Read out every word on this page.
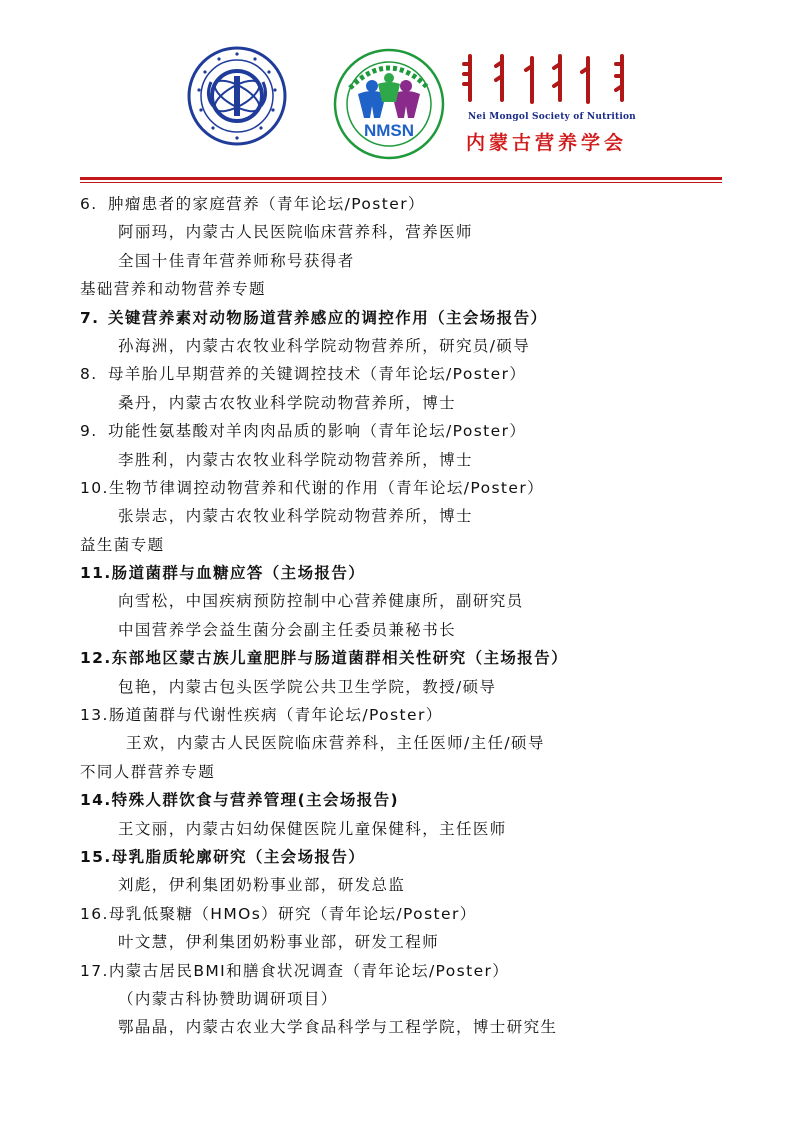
NMSN
Nei Mongol Society of Nutrition
内蒙古营养学会
6. 肿瘤患者的家庭营养（青年论坛/Poster）
阿丽玛，内蒙古人民医院临床营养科，营养医师
全国十佳青年营养师称号获得者
基础营养和动物营养专题
7. 关键营养素对动物肠道营养感应的调控作用（主会场报告）
孙海洲，内蒙古农牧业科学院动物营养所，研究员/硕导
8. 母羊胎儿早期营养的关键调控技术（青年论坛/Poster）
桑丹，内蒙古农牧业科学院动物营养所，博士
9. 功能性氨基酸对羊肉肉品质的影响（青年论坛/Poster）
李胜利，内蒙古农牧业科学院动物营养所，博士
10.生物节律调控动物营养和代谢的作用（青年论坛/Poster）
张崇志，内蒙古农牧业科学院动物营养所，博士
益生菌专题
11.肠道菌群与血糖应答（主场报告）
向雪松，中国疾病预防控制中心营养健康所，副研究员
中国营养学会益生菌分会副主任委员兼秘书长
12.东部地区蒙古族儿童肥胖与肠道菌群相关性研究（主场报告）
包艳，内蒙古包头医学院公共卫生学院，教授/硕导
13.肠道菌群与代谢性疾病（青年论坛/Poster）
王欢，内蒙古人民医院临床营养科，主任医师/主任/硕导
不同人群营养专题
14.特殊人群饮食与营养管理(主会场报告)
王文丽，内蒙古妇幼保健医院儿童保健科，主任医师
15.母乳脂质轮廓研究（主会场报告）
刘彪，伊利集团奶粉事业部，研发总监
16.母乳低聚糖（HMOs）研究（青年论坛/Poster）
叶文慧，伊利集团奶粉事业部，研发工程师
17.内蒙古居民BMI和膳食状况调查（青年论坛/Poster）
（内蒙古科协赞助调研项目）
鄂晶晶，内蒙古农业大学食品科学与工程学院，博士研究生
